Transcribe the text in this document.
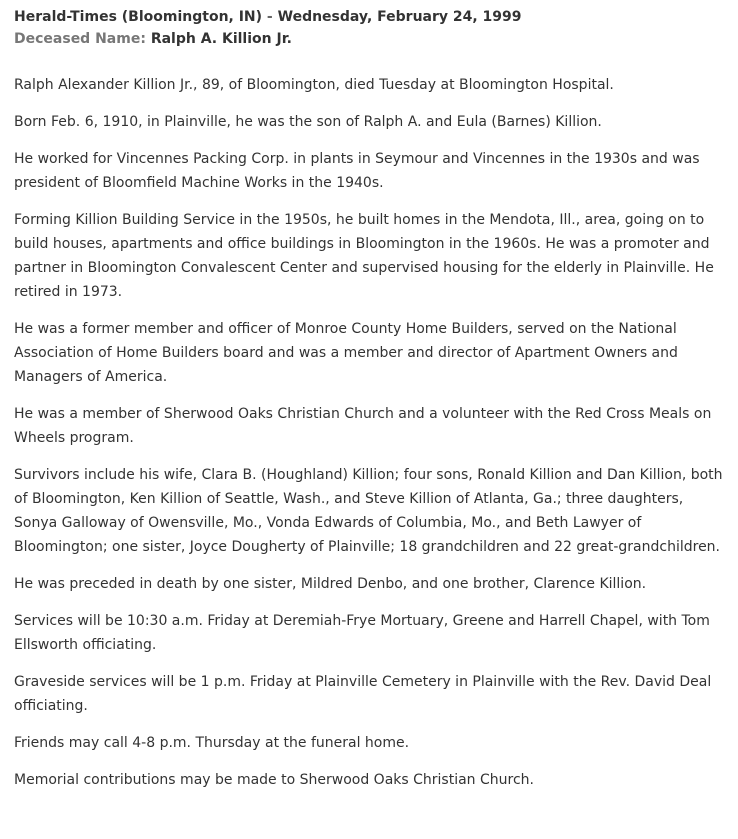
Herald-Times (Bloomington, IN) - Wednesday, February 24, 1999
Deceased Name: Ralph A. Killion Jr.

Ralph Alexander Killion Jr., 89, of Bloomington, died Tuesday at Bloomington Hospital.

Born Feb. 6, 1910, in Plainville, he was the son of Ralph A. and Eula (Barnes) Killion.

He worked for Vincennes Packing Corp. in plants in Seymour and Vincennes in the 1930s and was president of Bloomfield Machine Works in the 1940s.

Forming Killion Building Service in the 1950s, he built homes in the Mendota, Ill., area, going on to build houses, apartments and office buildings in Bloomington in the 1960s. He was a promoter and partner in Bloomington Convalescent Center and supervised housing for the elderly in Plainville. He retired in 1973.

He was a former member and officer of Monroe County Home Builders, served on the National Association of Home Builders board and was a member and director of Apartment Owners and Managers of America.

He was a member of Sherwood Oaks Christian Church and a volunteer with the Red Cross Meals on Wheels program.

Survivors include his wife, Clara B. (Houghland) Killion; four sons, Ronald Killion and Dan Killion, both of Bloomington, Ken Killion of Seattle, Wash., and Steve Killion of Atlanta, Ga.; three daughters, Sonya Galloway of Owensville, Mo., Vonda Edwards of Columbia, Mo., and Beth Lawyer of Bloomington; one sister, Joyce Dougherty of Plainville; 18 grandchildren and 22 great-grandchildren.

He was preceded in death by one sister, Mildred Denbo, and one brother, Clarence Killion.

Services will be 10:30 a.m. Friday at Deremiah-Frye Mortuary, Greene and Harrell Chapel, with Tom Ellsworth officiating.

Graveside services will be 1 p.m. Friday at Plainville Cemetery in Plainville with the Rev. David Deal officiating.

Friends may call 4-8 p.m. Thursday at the funeral home.

Memorial contributions may be made to Sherwood Oaks Christian Church.
